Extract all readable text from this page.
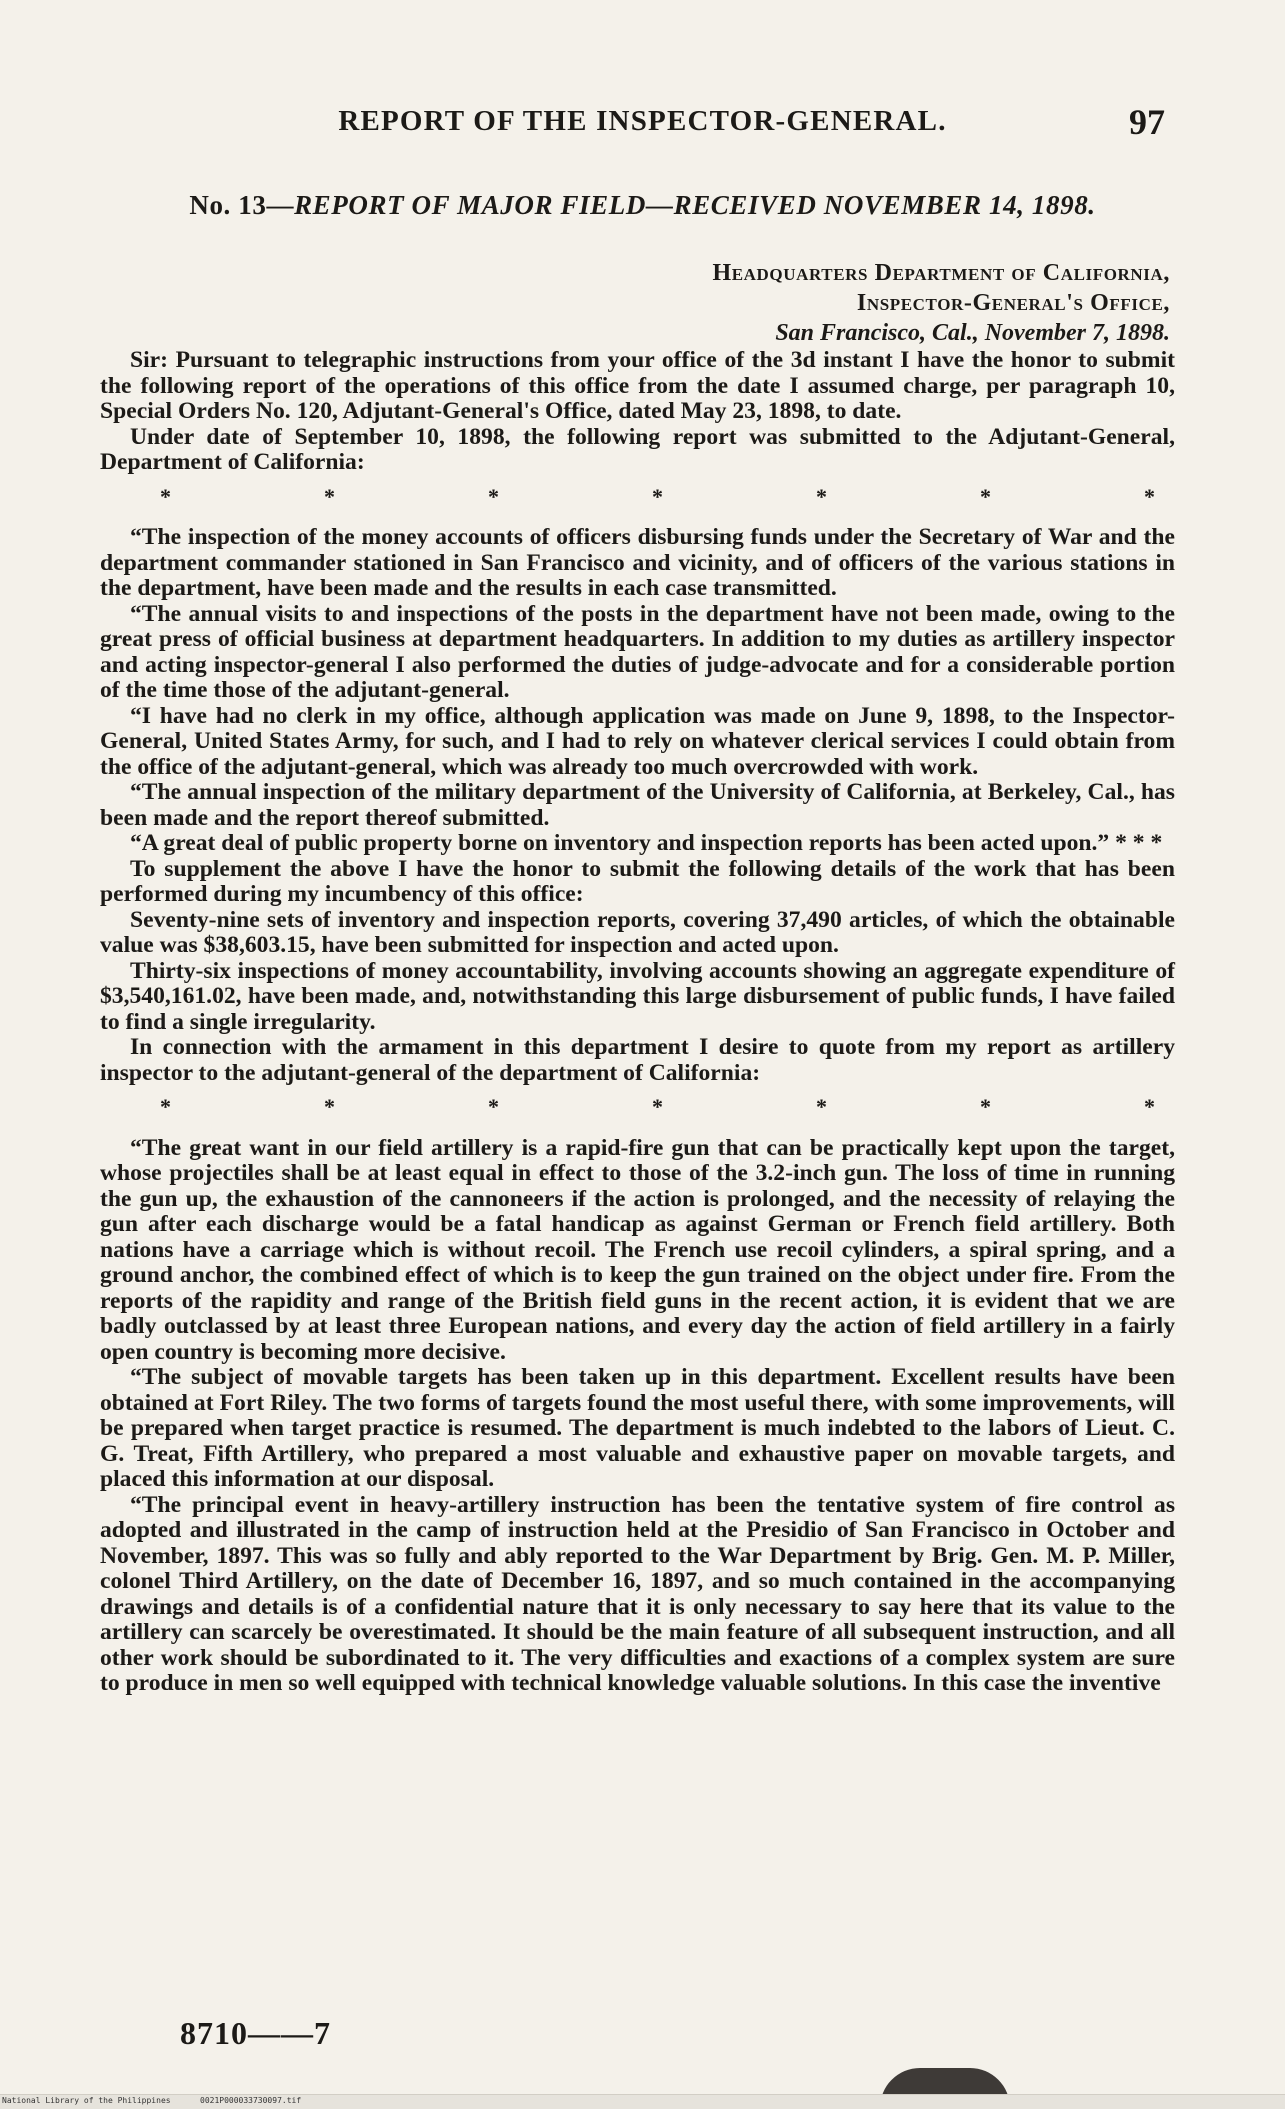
REPORT OF THE INSPECTOR-GENERAL.	97
No. 13—REPORT OF MAJOR FIELD—RECEIVED NOVEMBER 14, 1898.
Headquarters Department of California,
Inspector-General's Office,
San Francisco, Cal., November 7, 1898.

Sir: Pursuant to telegraphic instructions from your office of the 3d instant I have the honor to submit the following report of the operations of this office from the date I assumed charge, per paragraph 10, Special Orders No. 120, Adjutant-General's Office, dated May 23, 1898, to date.

Under date of September 10, 1898, the following report was submitted to the Adjutant-General, Department of California:

*	*	*	*	*	*	*

“The inspection of the money accounts of officers disbursing funds under the Secretary of War and the department commander stationed in San Francisco and vicinity, and of officers of the various stations in the department, have been made and the results in each case transmitted.

“The annual visits to and inspections of the posts in the department have not been made, owing to the great press of official business at department headquarters. In addition to my duties as artillery inspector and acting inspector-general I also performed the duties of judge-advocate and for a considerable portion of the time those of the adjutant-general.

“I have had no clerk in my office, although application was made on June 9, 1898, to the Inspector-General, United States Army, for such, and I had to rely on whatever clerical services I could obtain from the office of the adjutant-general, which was already too much overcrowded with work.

“The annual inspection of the military department of the University of California, at Berkeley, Cal., has been made and the report thereof submitted.

“A great deal of public property borne on inventory and inspection reports has been acted upon.” * * *

To supplement the above I have the honor to submit the following details of the work that has been performed during my incumbency of this office:

Seventy-nine sets of inventory and inspection reports, covering 37,490 articles, of which the obtainable value was $38,603.15, have been submitted for inspection and acted upon.

Thirty-six inspections of money accountability, involving accounts showing an aggregate expenditure of $3,540,161.02, have been made, and, notwithstanding this large disbursement of public funds, I have failed to find a single irregularity.

In connection with the armament in this department I desire to quote from my report as artillery inspector to the adjutant-general of the department of California:

*	*	*	*	*	*	*

“The great want in our field artillery is a rapid-fire gun that can be practically kept upon the target, whose projectiles shall be at least equal in effect to those of the 3.2-inch gun. The loss of time in running the gun up, the exhaustion of the cannoneers if the action is prolonged, and the necessity of relaying the gun after each discharge would be a fatal handicap as against German or French field artillery. Both nations have a carriage which is without recoil. The French use recoil cylinders, a spiral spring, and a ground anchor, the combined effect of which is to keep the gun trained on the object under fire. From the reports of the rapidity and range of the British field guns in the recent action, it is evident that we are badly outclassed by at least three European nations, and every day the action of field artillery in a fairly open country is becoming more decisive.

“The subject of movable targets has been taken up in this department. Excellent results have been obtained at Fort Riley. The two forms of targets found the most useful there, with some improvements, will be prepared when target practice is resumed. The department is much indebted to the labors of Lieut. C. G. Treat, Fifth Artillery, who prepared a most valuable and exhaustive paper on movable targets, and placed this information at our disposal.

“The principal event in heavy-artillery instruction has been the tentative system of fire control as adopted and illustrated in the camp of instruction held at the Presidio of San Francisco in October and November, 1897. This was so fully and ably reported to the War Department by Brig. Gen. M. P. Miller, colonel Third Artillery, on the date of December 16, 1897, and so much contained in the accompanying drawings and details is of a confidential nature that it is only necessary to say here that its value to the artillery can scarcely be overestimated. It should be the main feature of all subsequent instruction, and all other work should be subordinated to it. The very difficulties and exactions of a complex system are sure to produce in men so well equipped with technical knowledge valuable solutions. In this case the inventive

8710——7
National Library of the Philippines	0021P000033730097.tif
